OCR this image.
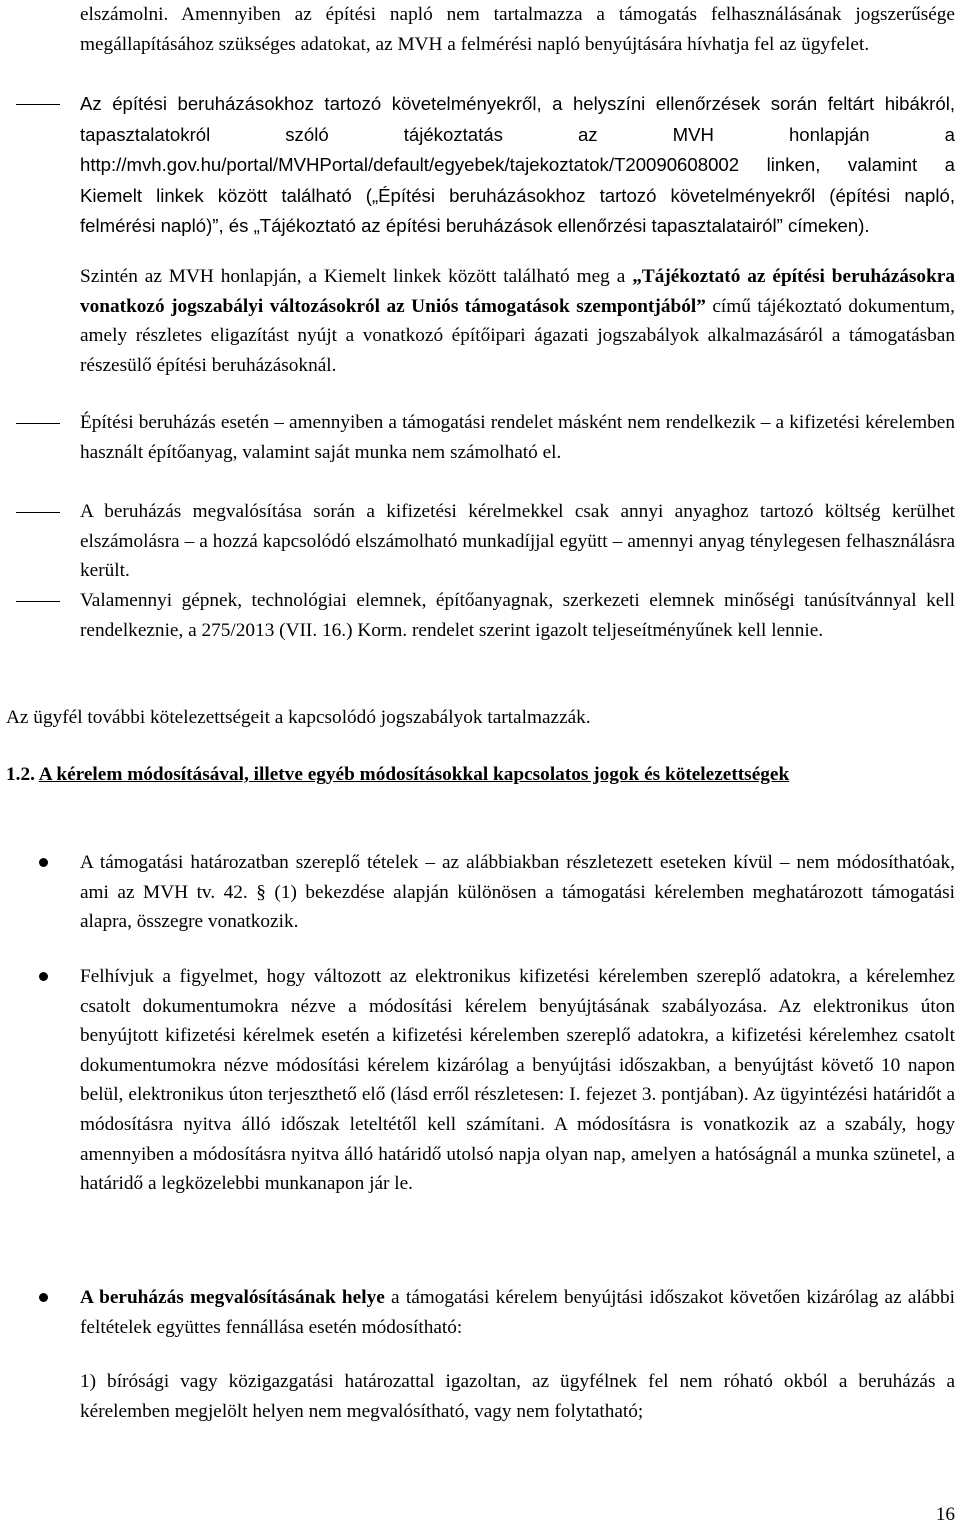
elszámolni. Amennyiben az építési napló nem tartalmazza a támogatás felhasználásának jogszerűsége megállapításához szükséges adatokat, az MVH a felmérési napló benyújtására hívhatja fel az ügyfelet.

Az építési beruházásokhoz tartozó követelményekről, a helyszíni ellenőrzések során feltárt hibákról, tapasztalatokról szóló tájékoztatás az MVH honlapján a http://mvh.gov.hu/portal/MVHPortal/default/egyebek/tajekoztatok/T20090608002 linken, valamint a Kiemelt linkek között található („Építési beruházásokhoz tartozó követelményekről (építési napló, felmérési napló)”, és „Tájékoztató az építési beruházások ellenőrzési tapasztalatairól” címeken).

Szintén az MVH honlapján, a Kiemelt linkek között található meg a „Tájékoztató az építési beruházásokra vonatkozó jogszabályi változásokról az Uniós támogatások szempontjából” című tájékoztató dokumentum, amely részletes eligazítást nyújt a vonatkozó építőipari ágazati jogszabályok alkalmazásáról a támogatásban részesülő építési beruházásoknál.

Építési beruházás esetén – amennyiben a támogatási rendelet másként nem rendelkezik – a kifizetési kérelemben használt építőanyag, valamint saját munka nem számolható el.
A beruházás megvalósítása során a kifizetési kérelmekkel csak annyi anyaghoz tartozó költség kerülhet elszámolásra – a hozzá kapcsolódó elszámolható munkadíjjal együtt – amennyi anyag ténylegesen felhasználásra került.
Valamennyi gépnek, technológiai elemnek, építőanyagnak, szerkezeti elemnek minőségi tanúsítvánnyal kell rendelkeznie, a 275/2013 (VII. 16.) Korm. rendelet szerint igazolt teljeseítményűnek kell lennie.

Az ügyfél további kötelezettségeit a kapcsolódó jogszabályok tartalmazzák.

1.2. A kérelem módosításával, illetve egyéb módosításokkal kapcsolatos jogok és kötelezettségek
A támogatási határozatban szereplő tételek – az alábbiakban részletezett eseteken kívül – nem módosíthatóak, ami az MVH tv. 42. § (1) bekezdése alapján különösen a támogatási kérelemben meghatározott támogatási alapra, összegre vonatkozik.
Felhívjuk a figyelmet, hogy változott az elektronikus kifizetési kérelemben szereplő adatokra, a kérelemhez csatolt dokumentumokra nézve a módosítási kérelem benyújtásának szabályozása. Az elektronikus úton benyújtott kifizetési kérelmek esetén a kifizetési kérelemben szereplő adatokra, a kifizetési kérelemhez csatolt dokumentumokra nézve módosítási kérelem kizárólag a benyújtási időszakban, a benyújtást követő 10 napon belül, elektronikus úton terjeszthető elő (lásd erről részletesen: I. fejezet 3. pontjában). Az ügyintézési határidőt a módosításra nyitva álló időszak leteltétől kell számítani. A módosításra is vonatkozik az a szabály, hogy amennyiben a módosításra nyitva álló határidő utolsó napja olyan nap, amelyen a hatóságnál a munka szünetel, a határidő a legközelebbi munkanapon jár le.
A beruházás megvalósításának helye a támogatási kérelem benyújtási időszakot követően kizárólag az alábbi feltételek együttes fennállása esetén módosítható:

1) bírósági vagy közigazgatási határozattal igazoltan, az ügyfélnek fel nem róható okból a beruházás a kérelemben megjelölt helyen nem megvalósítható, vagy nem folytatható;

16
